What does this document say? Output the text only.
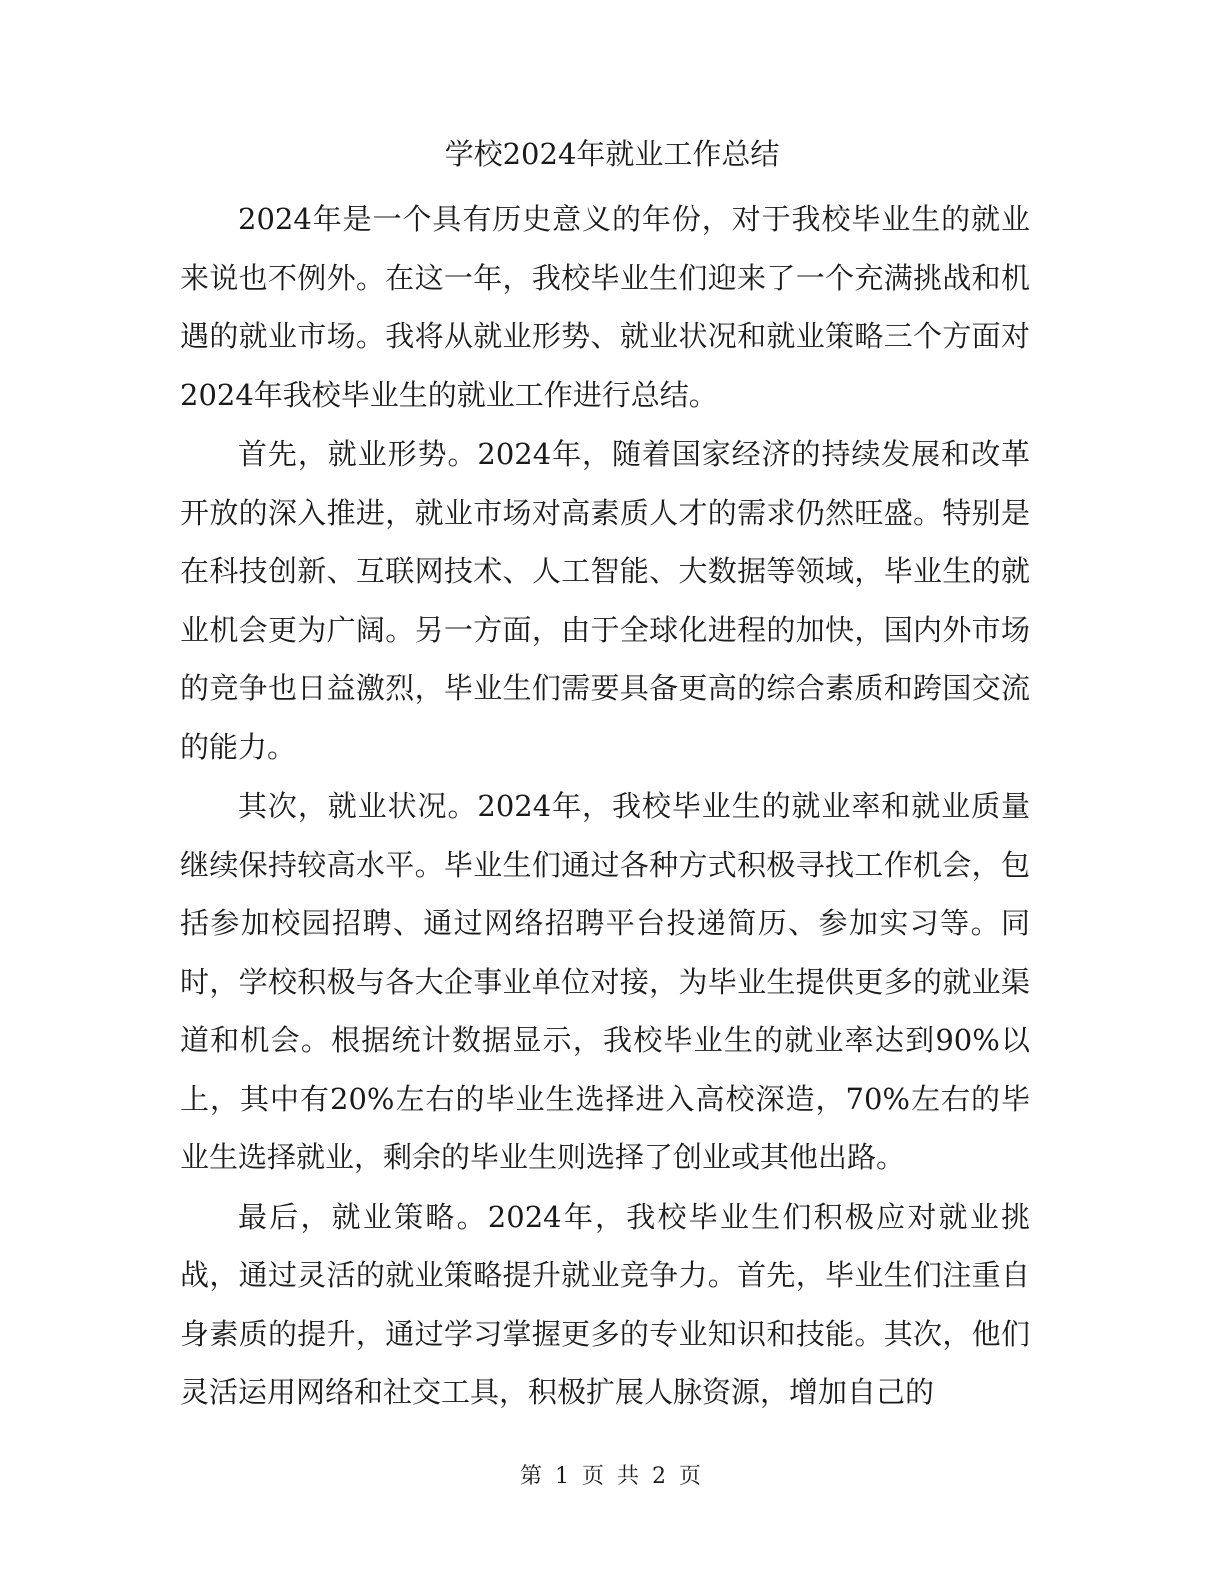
学校2024年就业工作总结

2024年是一个具有历史意义的年份，对于我校毕业生的就业来说也不例外。在这一年，我校毕业生们迎来了一个充满挑战和机遇的就业市场。我将从就业形势、就业状况和就业策略三个方面对2024年我校毕业生的就业工作进行总结。

首先，就业形势。2024年，随着国家经济的持续发展和改革开放的深入推进，就业市场对高素质人才的需求仍然旺盛。特别是在科技创新、互联网技术、人工智能、大数据等领域，毕业生的就业机会更为广阔。另一方面，由于全球化进程的加快，国内外市场的竞争也日益激烈，毕业生们需要具备更高的综合素质和跨国交流的能力。

其次，就业状况。2024年，我校毕业生的就业率和就业质量继续保持较高水平。毕业生们通过各种方式积极寻找工作机会，包括参加校园招聘、通过网络招聘平台投递简历、参加实习等。同时，学校积极与各大企事业单位对接，为毕业生提供更多的就业渠道和机会。根据统计数据显示，我校毕业生的就业率达到90%以上，其中有20%左右的毕业生选择进入高校深造，70%左右的毕业生选择就业，剩余的毕业生则选择了创业或其他出路。

最后，就业策略。2024年，我校毕业生们积极应对就业挑战，通过灵活的就业策略提升就业竞争力。首先，毕业生们注重自身素质的提升，通过学习掌握更多的专业知识和技能。其次，他们灵活运用网络和社交工具，积极扩展人脉资源，增加自己的

第 1 页 共 2 页
